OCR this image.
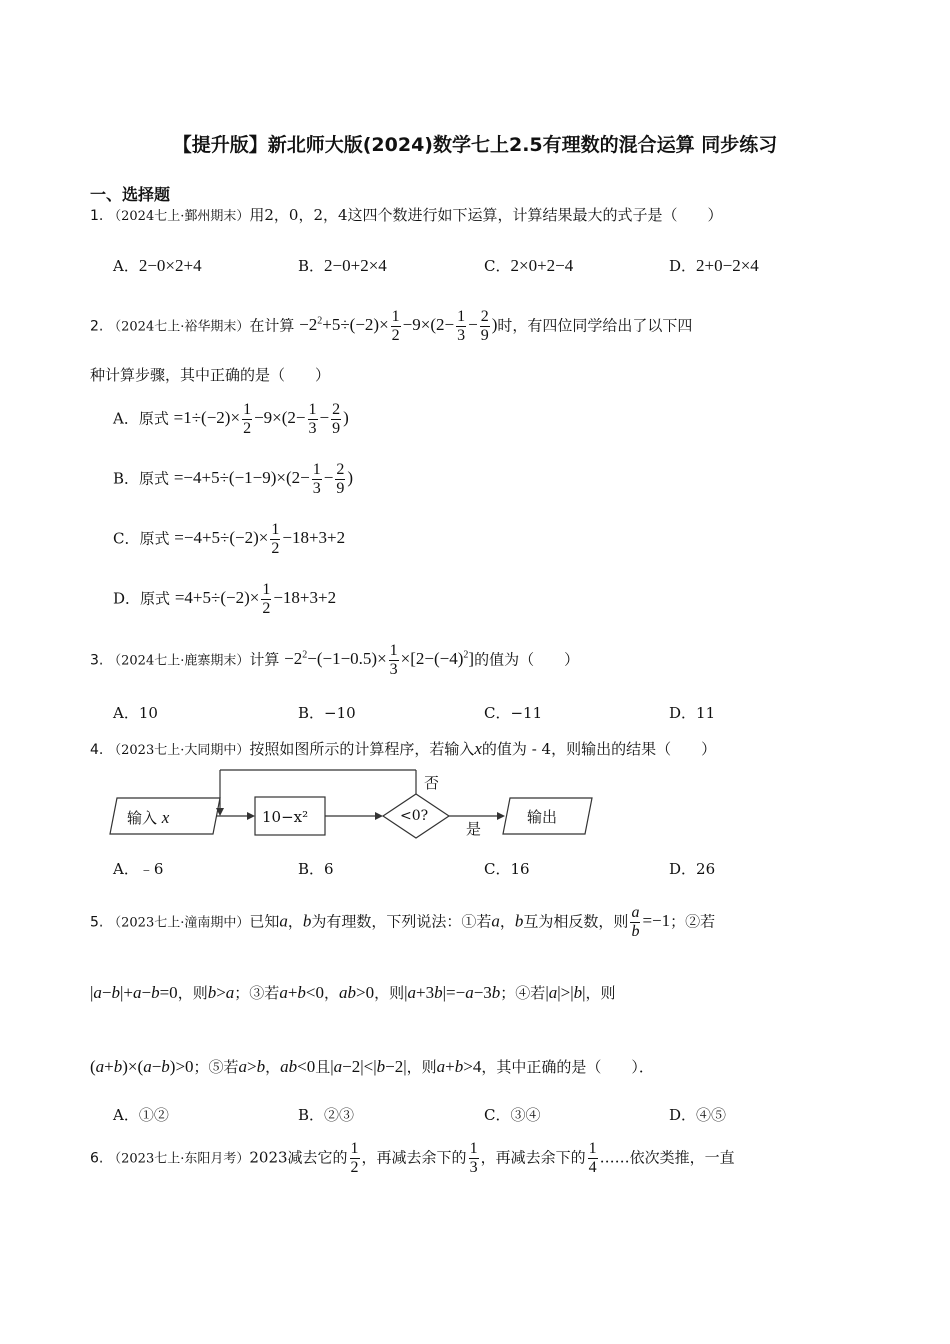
【提升版】新北师大版(2024)数学七上2.5有理数的混合运算 同步练习
一、选择题
1. （2024七上·鄞州期末）用2，0，2，4这四个数进行如下运算，计算结果最大的式子是（　　）
A．2−0×2+4	B．2−0+2×4	C．2×0+2−4	D．2+0−2×4
2. （2024七上·裕华期末）在计算 $-2^2+5\div(-2)\times \frac{1}{2} -9\times(2- \frac{1}{3} - \frac{2}{9}$ )时，有四位同学给出了以下四
种计算步骤，其中正确的是（　　）
A．原式 $=1\div(-2)\times \frac{1}{2} -9\times(2- \frac{1}{3} - \frac{2}{9}$ )
B．原式 $=-4+5\div(-1-9)\times(2- \frac{1}{3} - \frac{2}{9}$ )
C．原式 $=-4+5\div(-2)\times \frac{1}{2} -18+3+2$
D．原式 $=4+5\div(-2)\times \frac{1}{2} -18+3+2$
3. （2024七上·鹿寨期末）计算 $-2^2-(-1-0.5)\times \frac{1}{3} \times[2-(-4)^2]$的值为（　　）
A．10	B．−10	C．−11	D．11
4. （2023七上·大同期中）按照如图所示的计算程序，若输入x的值为 - 4，则输出的结果（　　）
输入 x	10−x²	<0?
否
是
输出
A．﹣6	B．6	C．16	D．26
5. （2023七上·潼南期中）已知a，b为有理数，下列说法：①若a，b互为相反数，则 $\frac{a}{b} =-1$；②若
|a−b|+a−b=0，则b>a；③若a+b<0，ab>0，则|a+3b|=−a−3b；④若|a|>|b|，则
(a+b)×(a−b)>0；⑤若a>b，ab<0且|a−2|<|b−2|，则a+b>4，其中正确的是（　　）．
A．①②	B．②③	C．③④	D．④⑤
6. （2023七上·东阳月考）2023减去它的 $\frac{1}{2}$ ，再减去余下的 $\frac{1}{3}$ ，再减去余下的 $\frac{1}{4}$ ……依次类推，一直
